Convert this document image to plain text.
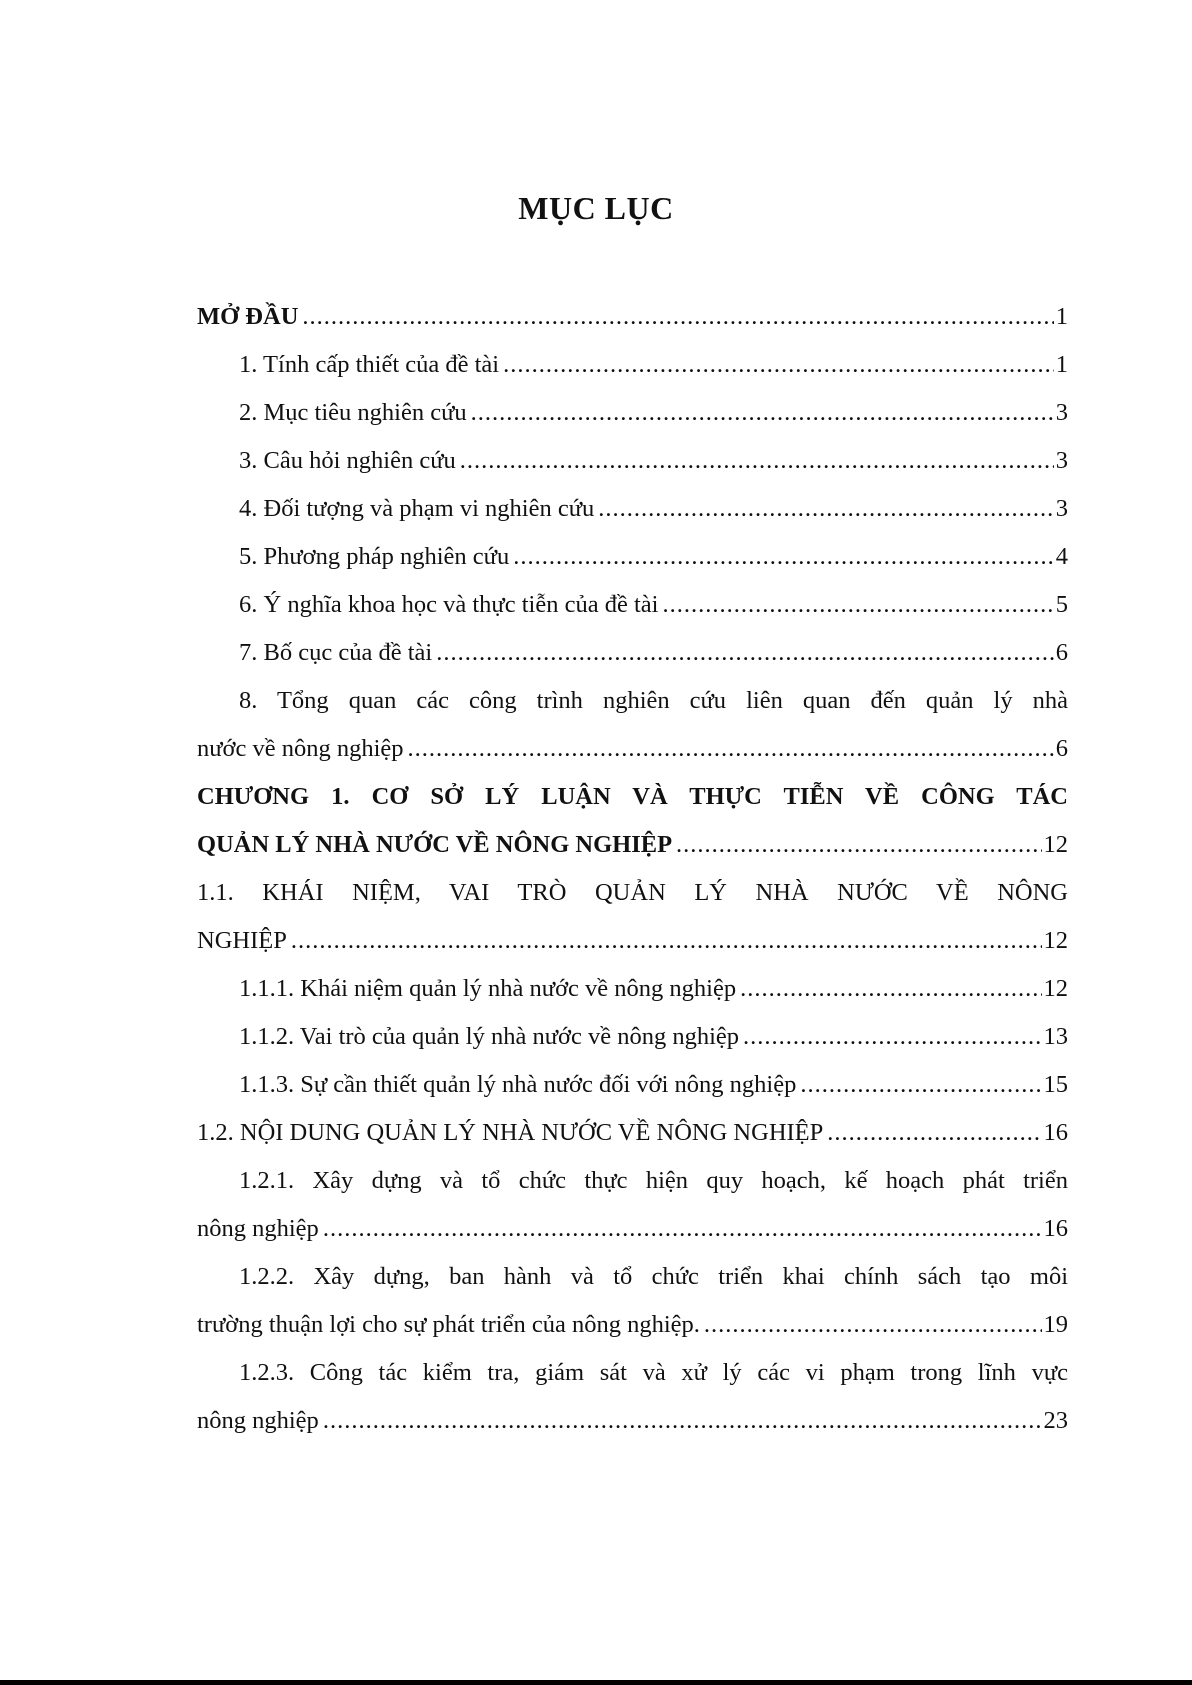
MỤC LỤC
MỞ ĐẦU .....	1
1. Tính cấp thiết của đề tài .....	1
2. Mục tiêu nghiên cứu .....	3
3. Câu hỏi nghiên cứu .....	3
4. Đối tượng và phạm vi nghiên cứu .....	3
5. Phương pháp nghiên cứu .....	4
6. Ý nghĩa khoa học và thực tiễn của đề tài .....	5
7. Bố cục của đề tài .....	6
8. Tổng quan các công trình nghiên cứu liên quan đến quản lý nhà
nước về nông nghiệp .....	6
CHƯƠNG 1. CƠ SỞ LÝ LUẬN VÀ THỰC TIỄN VỀ CÔNG TÁC
QUẢN LÝ NHÀ NƯỚC VỀ NÔNG NGHIỆP .....	12
1.1. KHÁI NIỆM, VAI TRÒ QUẢN LÝ NHÀ NƯỚC VỀ NÔNG
NGHIỆP .....	12
1.1.1. Khái niệm quản lý nhà nước về nông nghiệp .....	12
1.1.2. Vai trò của quản lý nhà nước về nông nghiệp .....	13
1.1.3. Sự cần thiết quản lý nhà nước đối với nông nghiệp .....	15
1.2. NỘI DUNG QUẢN LÝ NHÀ NƯỚC VỀ NÔNG NGHIỆP .....	16
1.2.1. Xây dựng và tổ chức thực hiện quy hoạch, kế hoạch phát triển
nông nghiệp .....	16
1.2.2. Xây dựng, ban hành và tổ chức triển khai chính sách tạo môi
trường thuận lợi cho sự phát triển của nông nghiệp. .....	19
1.2.3. Công tác kiểm tra, giám sát và xử lý các vi phạm trong lĩnh vực
nông nghiệp .....	23
